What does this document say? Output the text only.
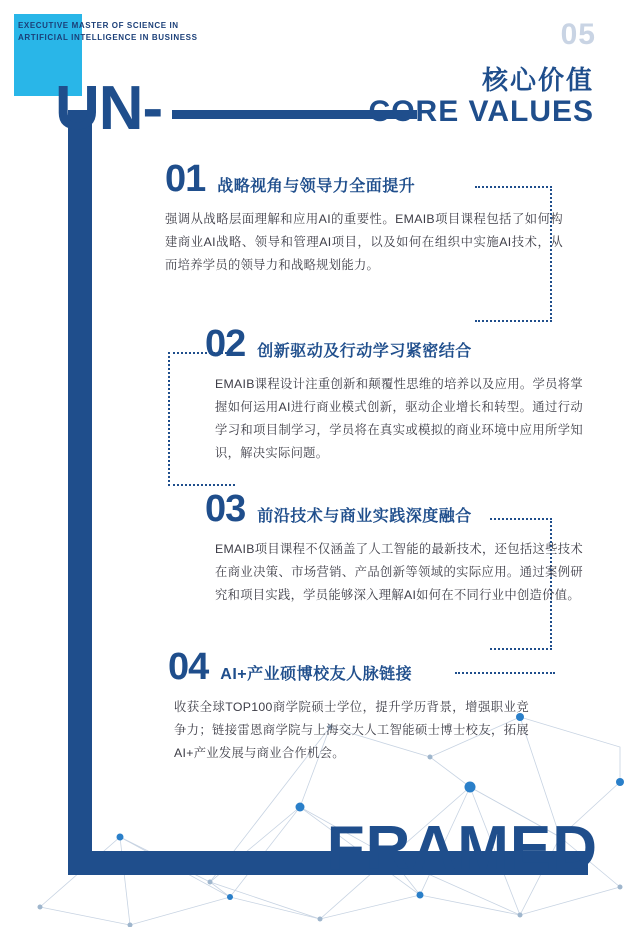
EXECUTIVE MASTER OF SCIENCE IN
ARTIFICIAL INTELLIGENCE IN BUSINESS	05
UN-	核心价值
CORE VALUES
FRAMED
01 战略视角与领导力全面提升
强调从战略层面理解和应用AI的重要性。EMAIB项目课程包括了如何构建商业AI战略、领导和管理AI项目，以及如何在组织中实施AI技术，从而培养学员的领导力和战略规划能力。
02 创新驱动及行动学习紧密结合
EMAIB课程设计注重创新和颠覆性思维的培养以及应用。学员将掌握如何运用AI进行商业模式创新，驱动企业增长和转型。通过行动学习和项目制学习，学员将在真实或模拟的商业环境中应用所学知识，解决实际问题。
03 前沿技术与商业实践深度融合
EMAIB项目课程不仅涵盖了人工智能的最新技术，还包括这些技术在商业决策、市场营销、产品创新等领域的实际应用。通过案例研究和项目实践，学员能够深入理解AI如何在不同行业中创造价值。
04 AI+产业硕博校友人脉链接
收获全球TOP100商学院硕士学位，提升学历背景，增强职业竞争力；链接雷恩商学院与上海交大人工智能硕士博士校友，拓展AI+产业发展与商业合作机会。
